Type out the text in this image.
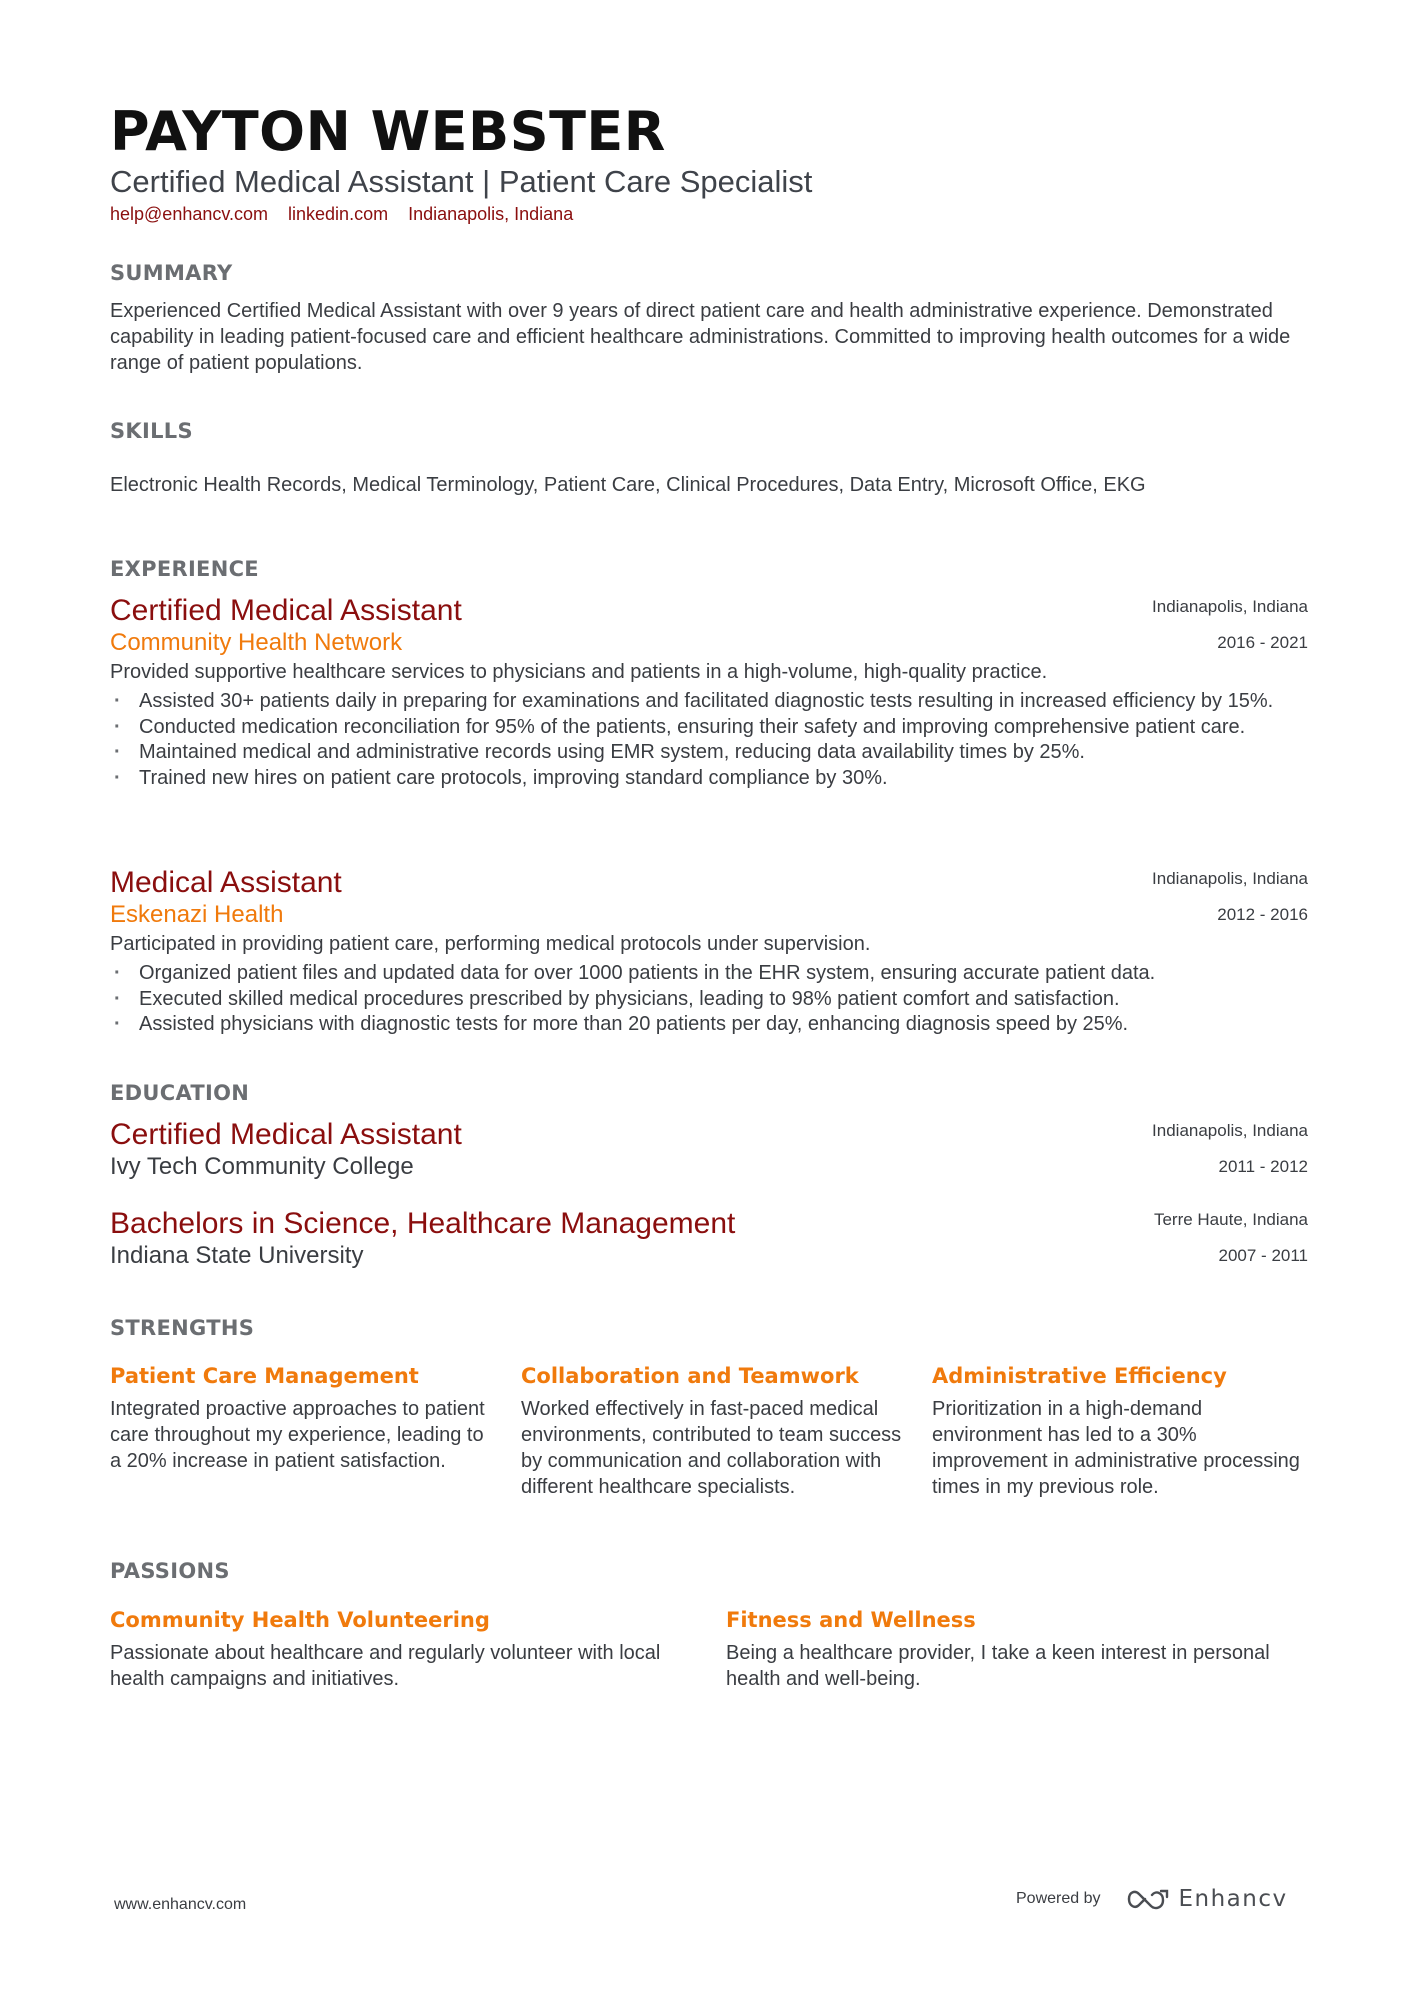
PAYTON WEBSTER
Certified Medical Assistant | Patient Care Specialist
help@enhancv.com linkedin.com Indianapolis, Indiana
SUMMARY
Experienced Certified Medical Assistant with over 9 years of direct patient care and health administrative experience. Demonstrated capability in leading patient-focused care and efficient healthcare administrations. Committed to improving health outcomes for a wide range of patient populations.
SKILLS
Electronic Health Records, Medical Terminology, Patient Care, Clinical Procedures, Data Entry, Microsoft Office, EKG
EXPERIENCE
Certified Medical Assistant
Community Health Network
Indianapolis, Indiana
2016 - 2021
Provided supportive healthcare services to physicians and patients in a high-volume, high-quality practice.
· Assisted 30+ patients daily in preparing for examinations and facilitated diagnostic tests resulting in increased efficiency by 15%.
· Conducted medication reconciliation for 95% of the patients, ensuring their safety and improving comprehensive patient care.
· Maintained medical and administrative records using EMR system, reducing data availability times by 25%.
· Trained new hires on patient care protocols, improving standard compliance by 30%.
Medical Assistant
Eskenazi Health
Indianapolis, Indiana
2012 - 2016
Participated in providing patient care, performing medical protocols under supervision.
· Organized patient files and updated data for over 1000 patients in the EHR system, ensuring accurate patient data.
· Executed skilled medical procedures prescribed by physicians, leading to 98% patient comfort and satisfaction.
· Assisted physicians with diagnostic tests for more than 20 patients per day, enhancing diagnosis speed by 25%.
EDUCATION
Certified Medical Assistant
Ivy Tech Community College
Indianapolis, Indiana
2011 - 2012
Bachelors in Science, Healthcare Management
Indiana State University
Terre Haute, Indiana
2007 - 2011
STRENGTHS
Patient Care Management
Integrated proactive approaches to patient care throughout my experience, leading to a 20% increase in patient satisfaction.
Collaboration and Teamwork
Worked effectively in fast-paced medical environments, contributed to team success by communication and collaboration with different healthcare specialists.
Administrative Efficiency
Prioritization in a high-demand environment has led to a 30% improvement in administrative processing times in my previous role.
PASSIONS
Community Health Volunteering
Passionate about healthcare and regularly volunteer with local health campaigns and initiatives.
Fitness and Wellness
Being a healthcare provider, I take a keen interest in personal health and well-being.
www.enhancv.com	Powered by	Enhancv
